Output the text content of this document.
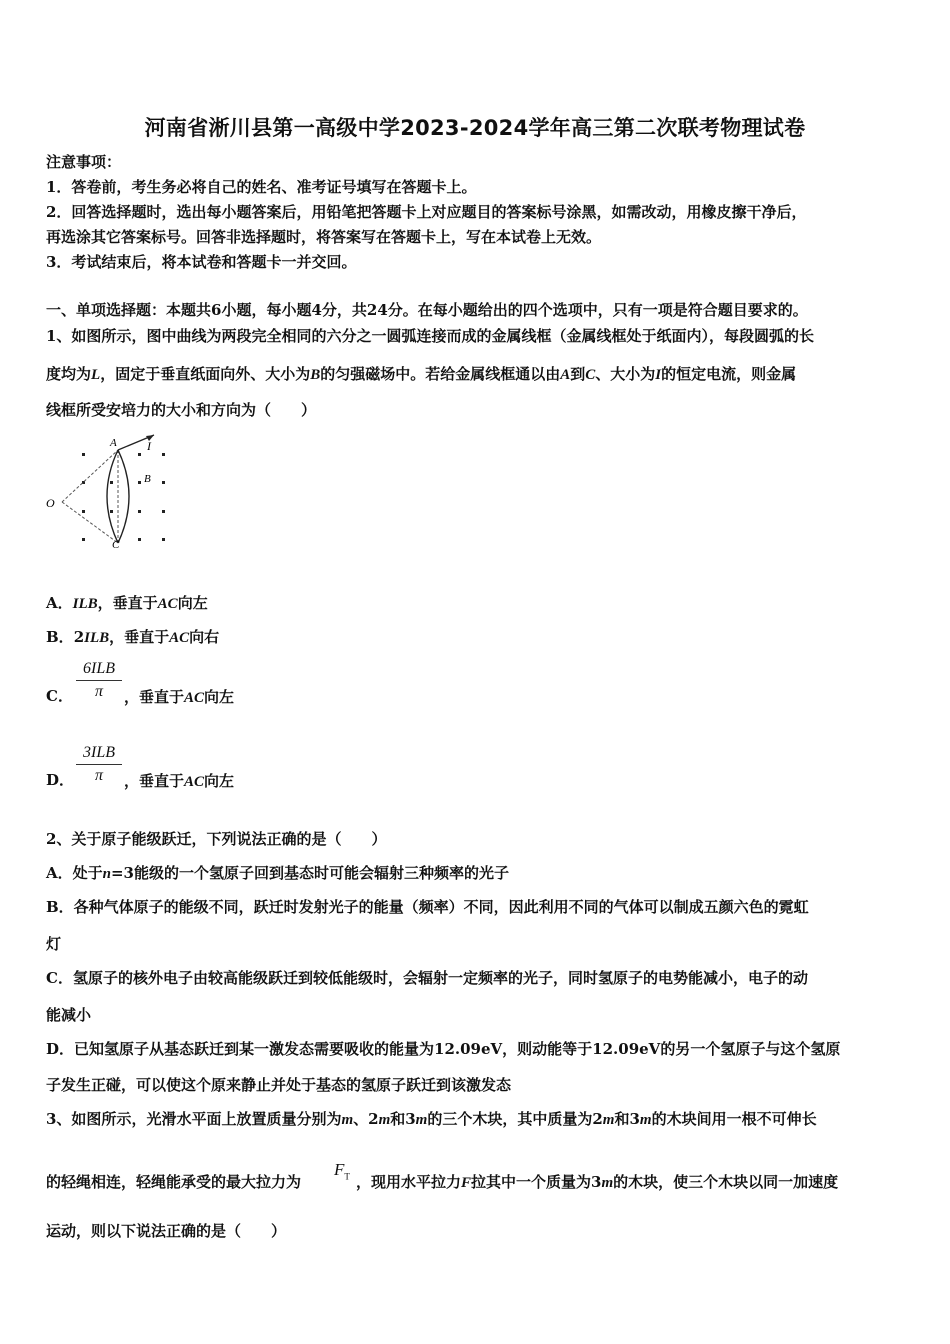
河南省淅川县第一高级中学2023-2024学年高三第二次联考物理试卷
注意事项：
1．答卷前，考生务必将自己的姓名、准考证号填写在答题卡上。
2．回答选择题时，选出每小题答案后，用铅笔把答题卡上对应题目的答案标号涂黑，如需改动，用橡皮擦干净后，
再选涂其它答案标号。回答非选择题时，将答案写在答题卡上，写在本试卷上无效。
3．考试结束后，将本试卷和答题卡一并交回。
一、单项选择题：本题共6小题，每小题4分，共24分。在每小题给出的四个选项中，只有一项是符合题目要求的。
1、如图所示，图中曲线为两段完全相同的六分之一圆弧连接而成的金属线框（金属线框处于纸面内），每段圆弧的长
度均为L，固定于垂直纸面向外、大小为B的匀强磁场中。若给金属线框通以由A到C、大小为I的恒定电流，则金属
线框所受安培力的大小和方向为（　　）
A	I
B
O
C
A．ILB，垂直于AC向左
B．2ILB，垂直于AC向右
C．
6ILB
π	，垂直于AC向左
D．
3ILB
π	，垂直于AC向左
2、关于原子能级跃迁，下列说法正确的是（　　）
A．处于n=3能级的一个氢原子回到基态时可能会辐射三种频率的光子
B．各种气体原子的能级不同，跃迁时发射光子的能量（频率）不同，因此利用不同的气体可以制成五颜六色的霓虹
灯
C．氢原子的核外电子由较高能级跃迁到较低能级时，会辐射一定频率的光子，同时氢原子的电势能减小，电子的动
能减小
D．已知氢原子从基态跃迁到某一激发态需要吸收的能量为12.09eV，则动能等于12.09eV的另一个氢原子与这个氢原
子发生正碰，可以使这个原来静止并处于基态的氢原子跃迁到该激发态
3、如图所示，光滑水平面上放置质量分别为m、2m和3m的三个木块，其中质量为2m和3m的木块间用一根不可伸长
的轻绳相连，轻绳能承受的最大拉力为
$F_T$ ，现用水平拉力F拉其中一个质量为3m的木块，使三个木块以同一加速度
运动，则以下说法正确的是（　　）
